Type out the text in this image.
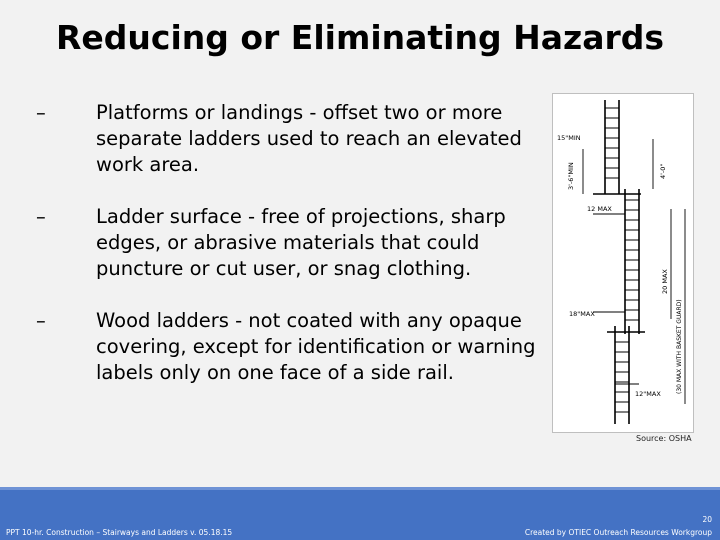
Reducing or Eliminating Hazards
–	Platforms or landings - offset two or more separate ladders used to reach an elevated work area.
–	Ladder surface - free of projections, sharp edges, or abrasive materials that could puncture or cut user, or snag clothing.
–	Wood ladders - not coated with any opaque covering, except for identification or warning labels only on one face of a side rail.
15"MIN
3'-6"MIN	4'-0"
12 MAX
20 MAX
(30 MAX WITH BASKET GUARD)
18"MAX
12"MAX
Source: OSHA
20
PPT 10-hr. Construction – Stairways and Ladders v. 05.18.15	Created by OTIEC Outreach Resources Workgroup
